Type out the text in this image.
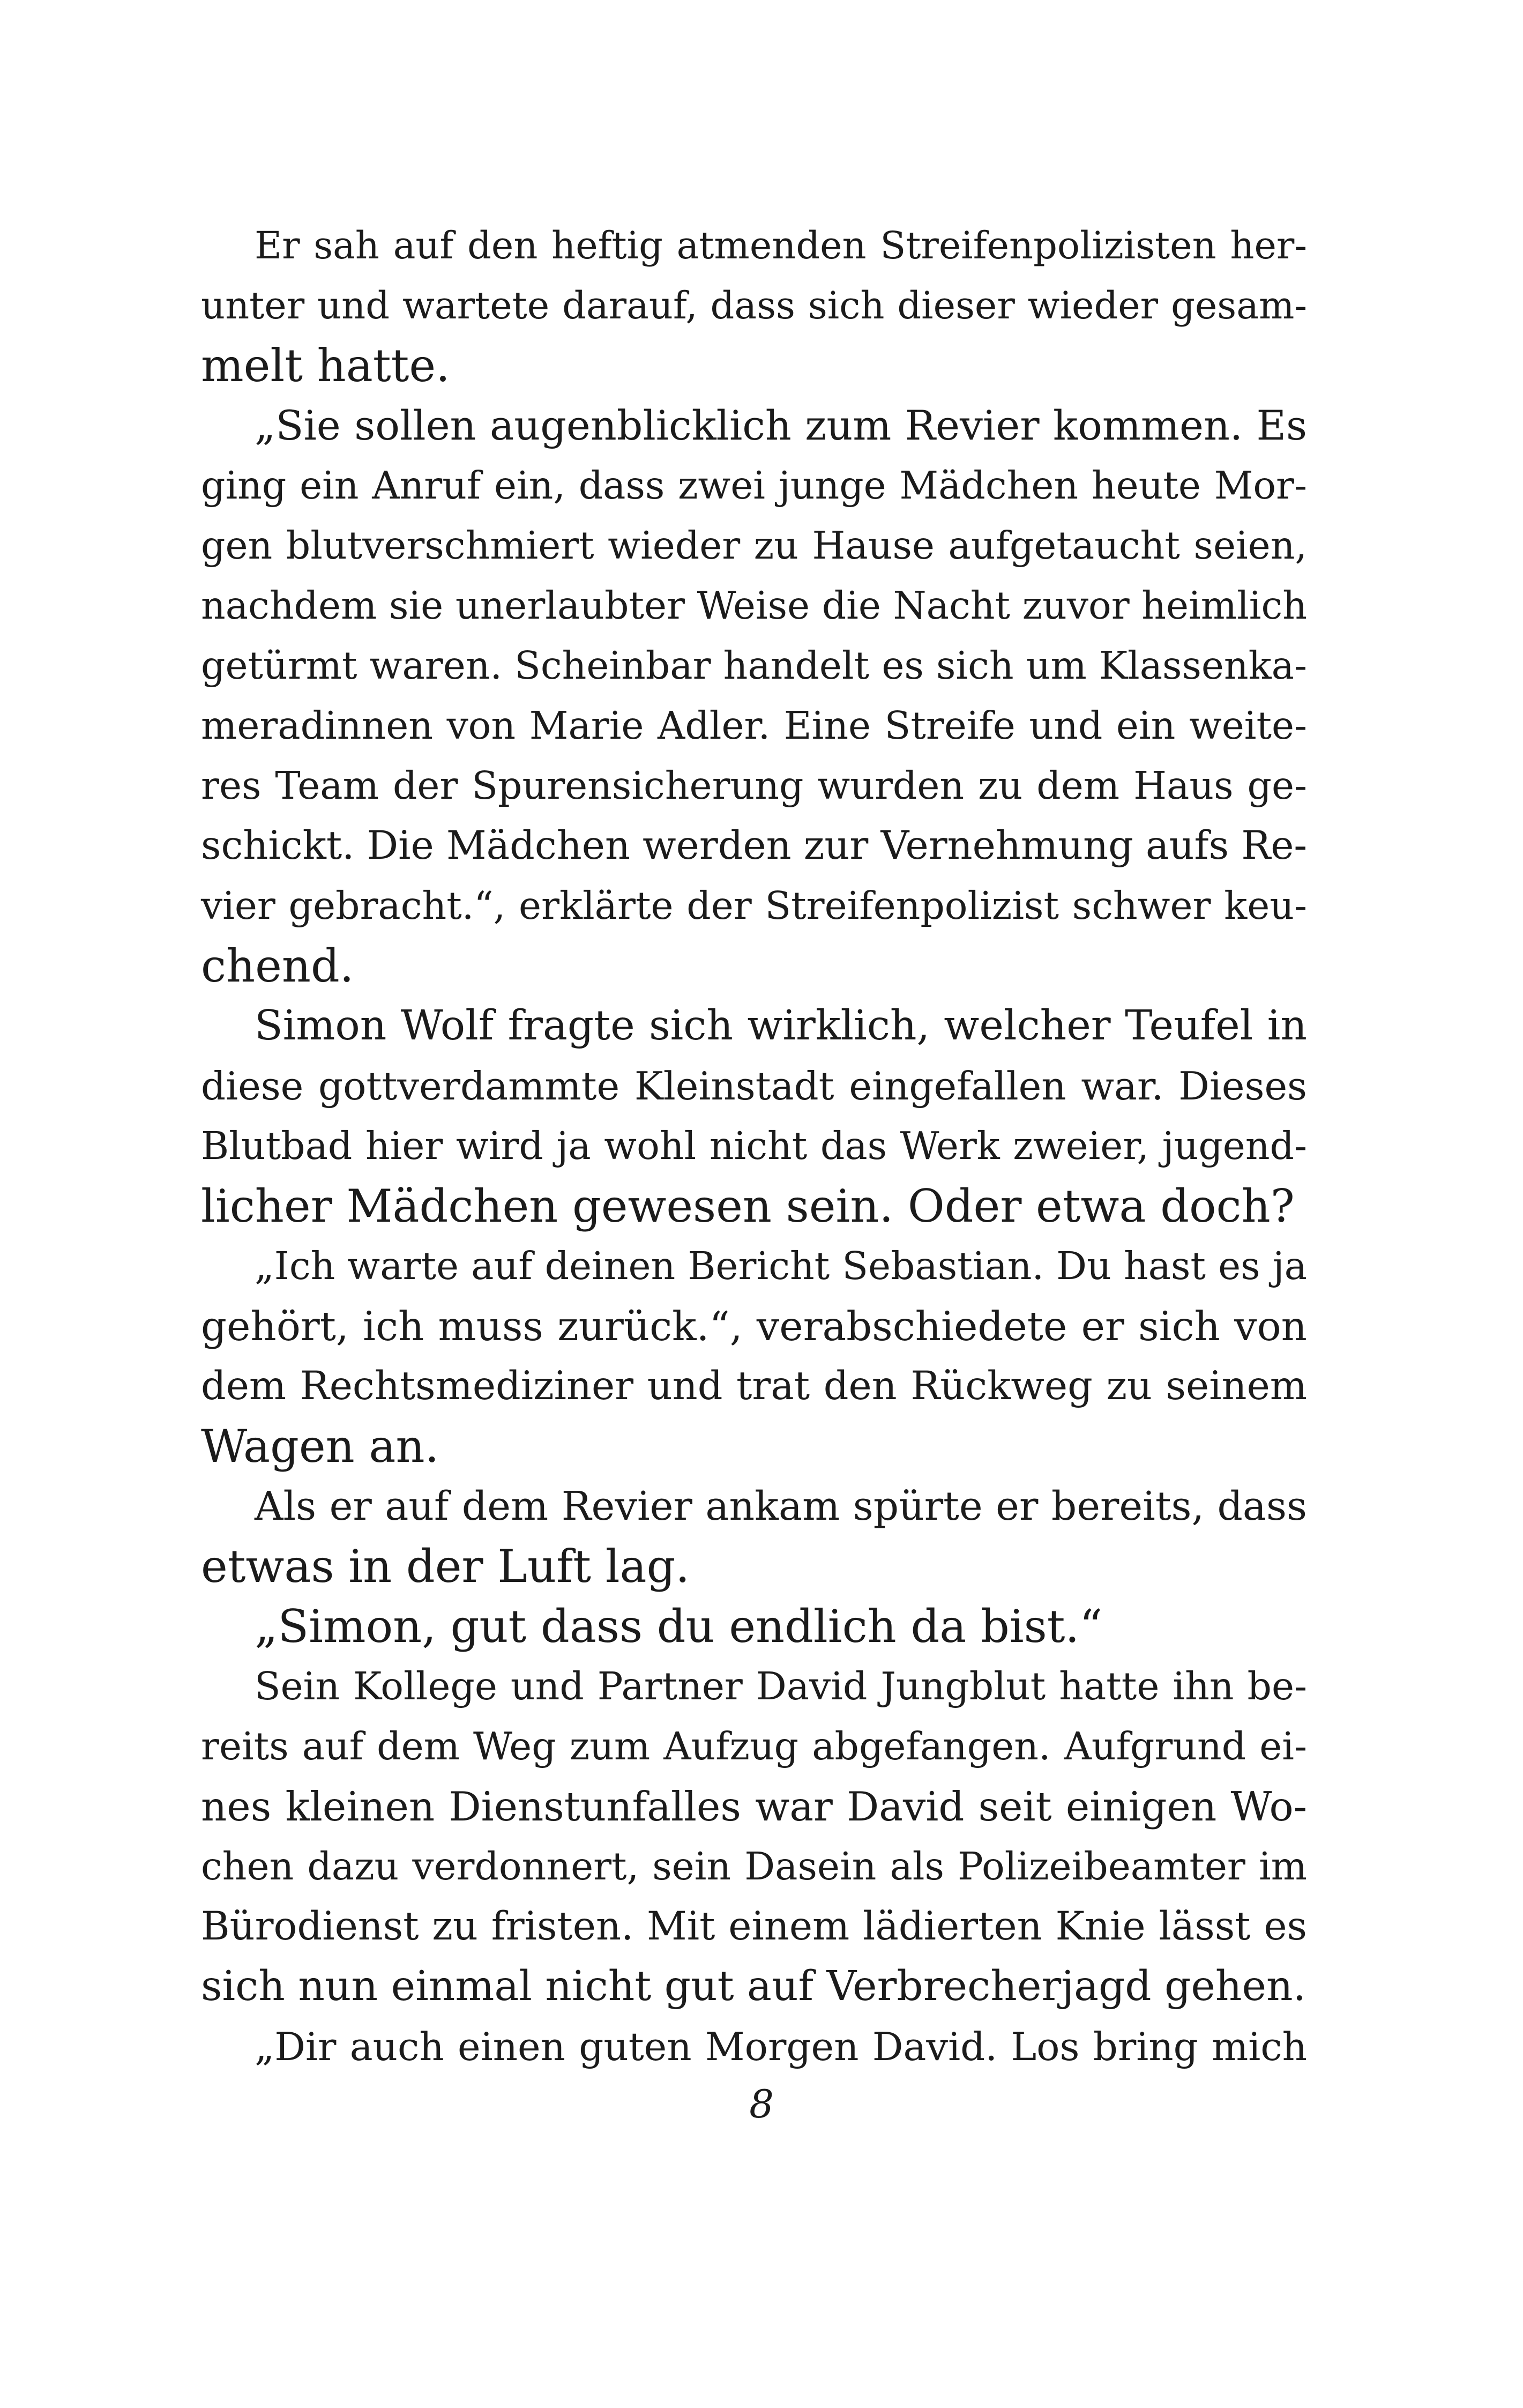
Er sah auf den heftig atmenden Streifenpolizisten her-
unter und wartete darauf, dass sich dieser wieder gesam-
melt hatte.
„Sie sollen augenblicklich zum Revier kommen. Es
ging ein Anruf ein, dass zwei junge Mädchen heute Mor-
gen blutverschmiert wieder zu Hause aufgetaucht seien,
nachdem sie unerlaubter Weise die Nacht zuvor heimlich
getürmt waren. Scheinbar handelt es sich um Klassenka-
meradinnen von Marie Adler. Eine Streife und ein weite-
res Team der Spurensicherung wurden zu dem Haus ge-
schickt. Die Mädchen werden zur Vernehmung aufs Re-
vier gebracht.“, erklärte der Streifenpolizist schwer keu-
chend.
Simon Wolf fragte sich wirklich, welcher Teufel in
diese gottverdammte Kleinstadt eingefallen war. Dieses
Blutbad hier wird ja wohl nicht das Werk zweier, jugend-
licher Mädchen gewesen sein. Oder etwa doch?
„Ich warte auf deinen Bericht Sebastian. Du hast es ja
gehört, ich muss zurück.“, verabschiedete er sich von
dem Rechtsmediziner und trat den Rückweg zu seinem
Wagen an.
Als er auf dem Revier ankam spürte er bereits, dass
etwas in der Luft lag.
„Simon, gut dass du endlich da bist.“
Sein Kollege und Partner David Jungblut hatte ihn be-
reits auf dem Weg zum Aufzug abgefangen. Aufgrund ei-
nes kleinen Dienstunfalles war David seit einigen Wo-
chen dazu verdonnert, sein Dasein als Polizeibeamter im
Bürodienst zu fristen. Mit einem lädierten Knie lässt es
sich nun einmal nicht gut auf Verbrecherjagd gehen.
„Dir auch einen guten Morgen David. Los bring mich
8
